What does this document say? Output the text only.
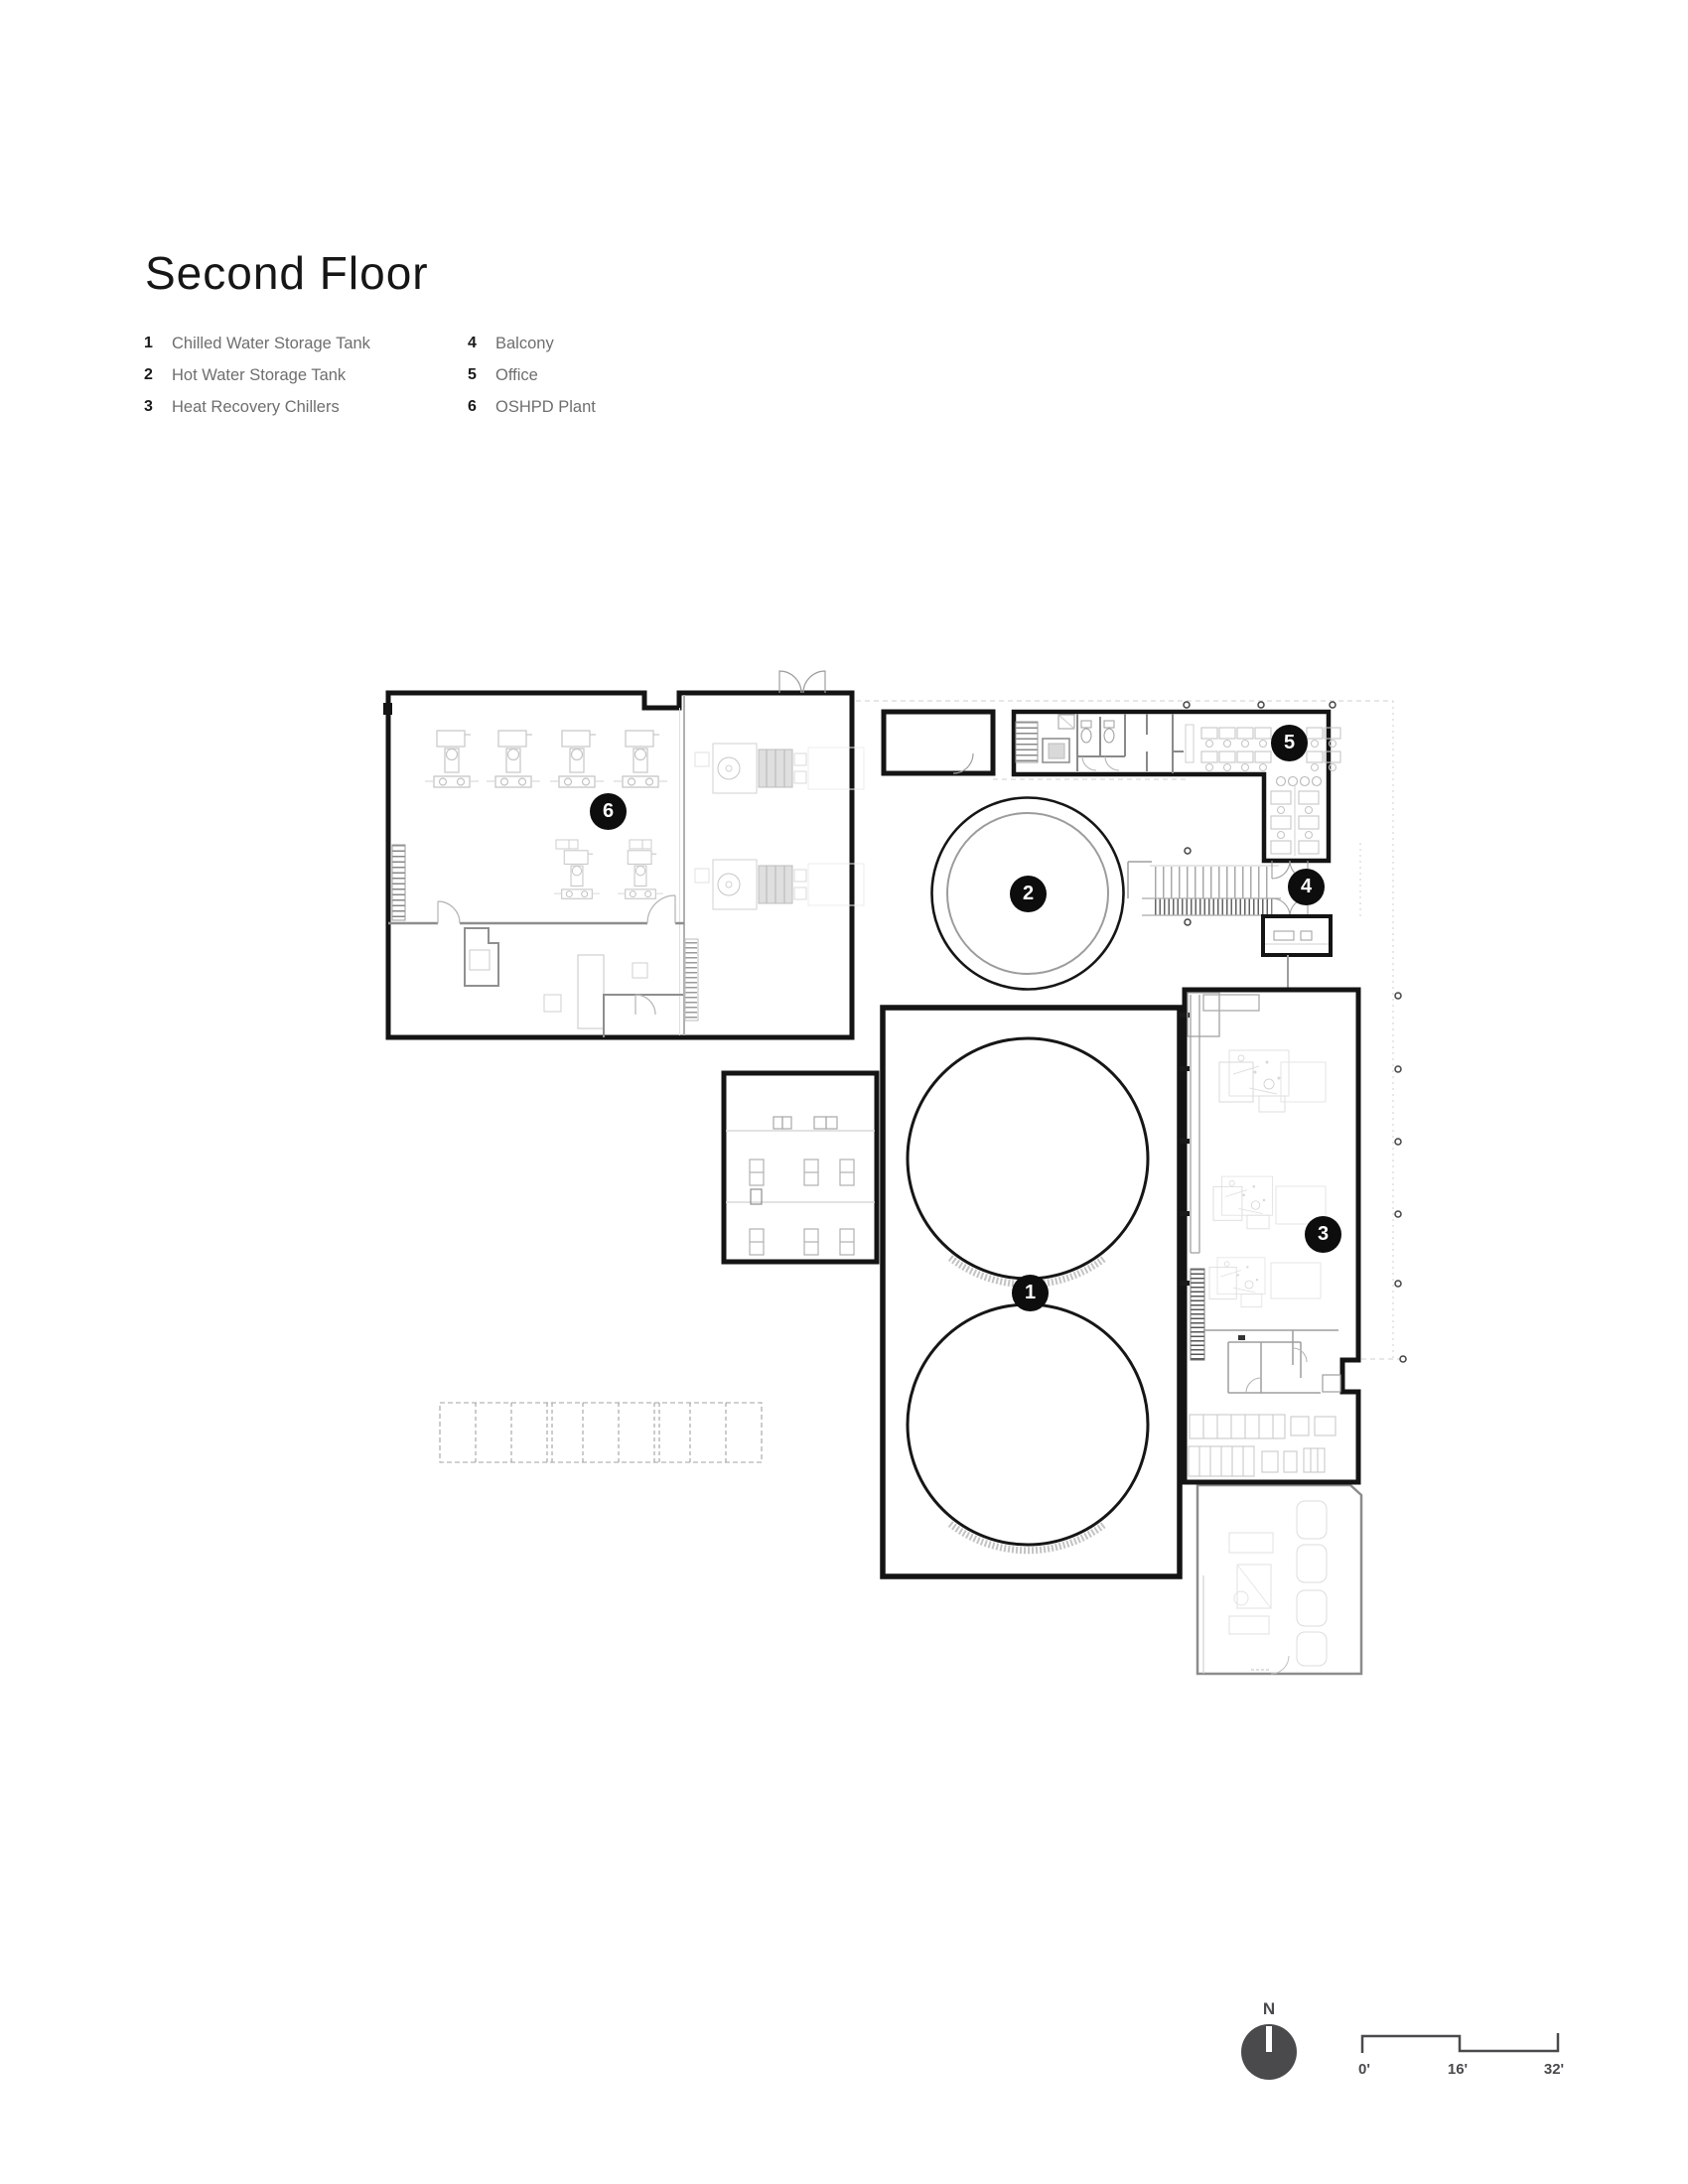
Second Floor
1	Chilled Water Storage Tank
2	Hot Water Storage Tank
3	Heat Recovery Chillers
4	Balcony
5	Office
6	OSHPD Plant
1
2
3
4
5
6
N
0'	16'	32'
